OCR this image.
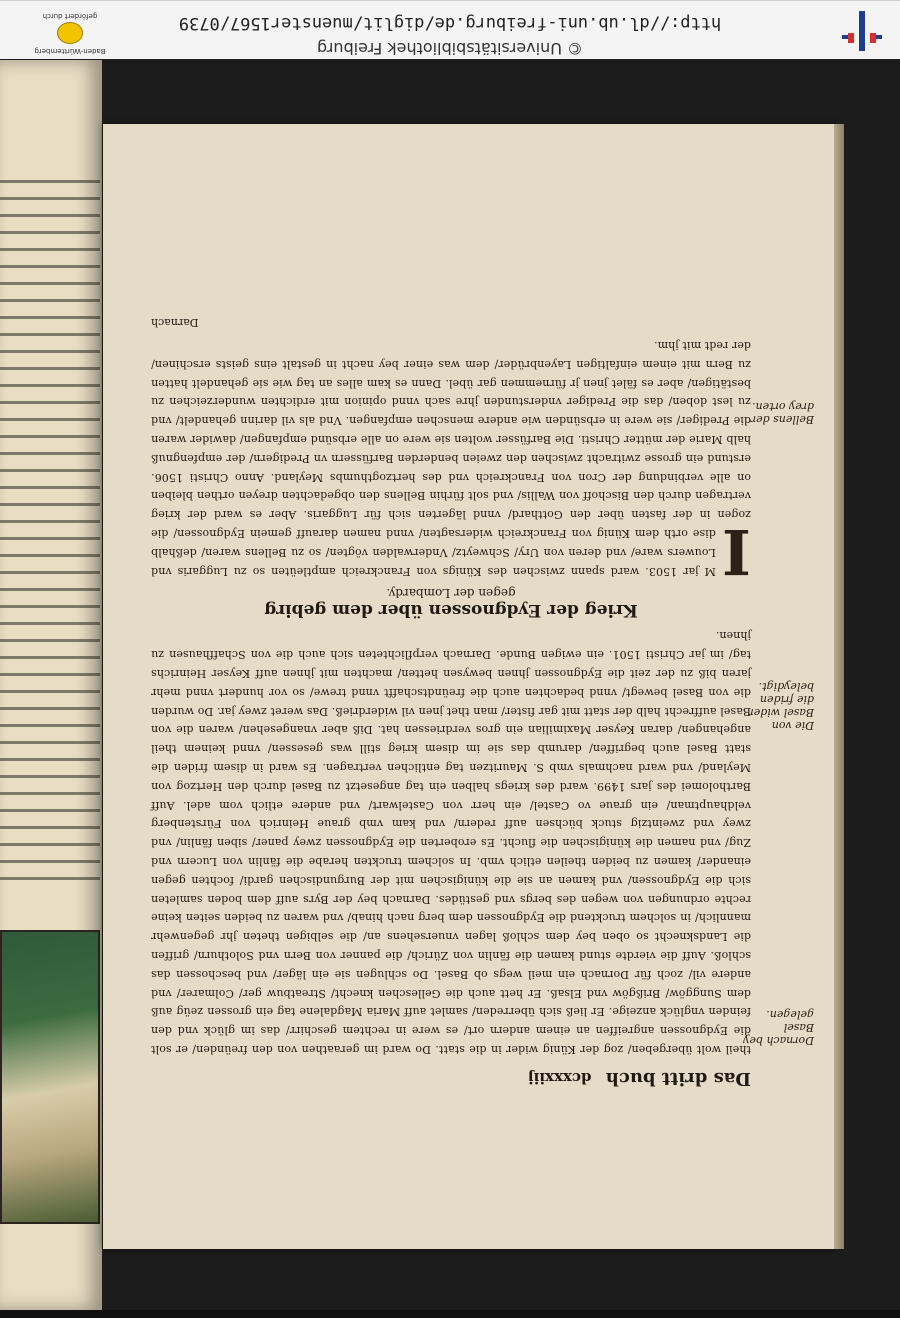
© Universitätsbibliothek Freiburg
http://dl.ub.uni-freiburg.de/diglit/muenster1567/0739
Baden-Württemberg
gefördert durch
Das dritt buch dcxxxiij

theil wolt übergeben/ zog der Künig wider in die statt. Do ward im geraathen von den freünden/ er solt die Eydgnossen angreiffen an einem andern ort/ es were in rechtem geschirr/ das im glück vnd den feinden vnglück anzeige. Er ließ sich überreden/ samlet auff Maria Magdalene tag ein grossen zeüg auß dem Sunggöw/ Brißgöw vnd Elsaß. Er hett auch die Gelleschen knecht/ Streatbuw ger/ Colmarer/ vnd andere vil/ zoch für Dornach ein meil wegs ob Basel. Do schlugen sie ein läger/ vnd beschossen das schloß. Auff die vierdte stund kamen die fänlin von Zürich/ die panner von Bern vnd Solothurn/ griffen die Landsknecht so oben bey dem schloß lagen vnuersehens an/ die selbigen theten jhr gegenwehr mannlich/ in solchem trucktend die Eydgnossen dem berg nach hinab/ vnd waren zu beiden seiten keine rechte ordnungen von wegen des bergs vnd gestüdes. Darnach bey der Byrs auff dem boden samleten sich die Eydgnossen/ vnd kamen an sie die künigischen mit der Burgundischen gardi/ fochten gegen einander/ kamen zu beiden theilen etlich vmb. In solchem truckten herabe die fänlin von Lucern vnd Zug/ vnd namen die künigischen die flucht. Es eroberten die Eydgnossen zwey paner/ siben fänlin/ vnd zwey vnd zweintzig stuck büchsen auff redern/ vnd kam vmb graue Heinrich von Fürstenberg veldhauptman/ ein graue vo Castel/ ein herr von Castelwart/ vnd andere etlich vom adel. Auff Bartholomei des jars 1499. ward des kriegs halben ein tag angesetzt zu Basel durch den Hertzog von Meyland/ vnd ward nachmals vmb S. Mauritzen tag entlichen vertragen. Es ward in disem friden die statt Basel auch begriffen/ darumb das sie im disem krieg still was gesessen/ vnnd keinem theil angehangen/ daran Keyser Maximilian ein gros verdriessen hat. Diß aber vnangesehen/ waren die von Basel auffrecht halb der statt mit gar fister/ man thet jnen vil widerdrieß. Das weret zwey jar. Do wurden die von Basel bewegt/ vnnd bedachten auch die freündtschafft vnnd trewe/ so vor hundert vnnd mehr jaren biß zu der zeit die Eydgnossen jhnen bewysen hetten/ machten mit jhnen auff Keyser Heinrichs tag/ im jar Christi 1501. ein ewigen Bunde. Darnach verpflichteten sich auch die von Schaffhausen zu jhnen.

Krieg der Eydgnossen über dem gebirg
gegen der Lombardy.

I
M jar 1503. ward spann zwischen des Künigs von Franckreich amptleüten so zu Luggaris vnd Louwers ware/ vnd deren von Ury/ Schweytz/ Vnderwalden vögten/ so zu Bellens waren/ deßhalb dise orth dem Künig von Franckreich widersagten/ vnnd namen darauff gemein Eydgnossen/ die zogen in der fasten über den Gotthard/ vnnd lägerten sich für Luggaris. Aber es ward der krieg vertragen durch den Bischoff von Wallis/ vnd solt fürhin Bellens den obgedachten dreyen orthen bleiben on alle verbindung der Cron von Franckreich vnd des hertzogthumbs Meyland. Anno Christi 1506. erstund ein grosse zwitracht zwischen den zweien benderden Barfüssern vn Predigern/ der empfengnuß halb Marie der mütter Christi. Die Barfüsser wolten sie were on alle erbsünd empfangen/ dawider waren die Prediger/ sie were in erbsünden wie andere menschen empfangen. Vnd als vil darinn gehandelt/ vnd zu lest doben/ das die Prediger vnderstunden jhre sach vnnd opinion mit erdichten wunderzeichen zu bestätigen/ aber es fälet jnen jr fürnemmen gar übel. Dann es kam alles an tag wie sie gehandelt hatten zu Bern mit einem einfaltigen Layenbrüder/ dem was einer bey nacht in gestalt eins geists erschinen/ der redt mit jhm.

Darnach
Dornach bey Basel gelegen.
Die von Basel wider die friden beleydigt.
Bellens der drey orten.
